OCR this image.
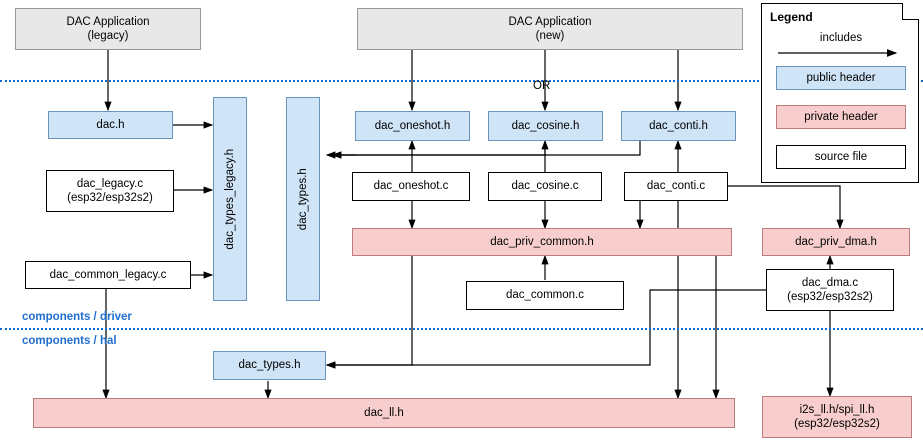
DAC Application
(legacy)
DAC Application
(new)
OR
dac.h
dac_legacy.c
(esp32/esp32s2)
dac_common_legacy.c
dac_types_legacy.h	dac_types.h
dac_oneshot.h	dac_cosine.h	dac_conti.h
dac_oneshot.c	dac_cosine.c	dac_conti.c
dac_priv_common.h	dac_priv_dma.h
dac_common.c
dac_dma.c
(esp32/esp32s2)
dac_types.h
dac_ll.h	i2s_ll.h/spi_ll.h
(esp32/esp32s2)
components / driver
components / hal
Legend
includes
public header
private header
source file
